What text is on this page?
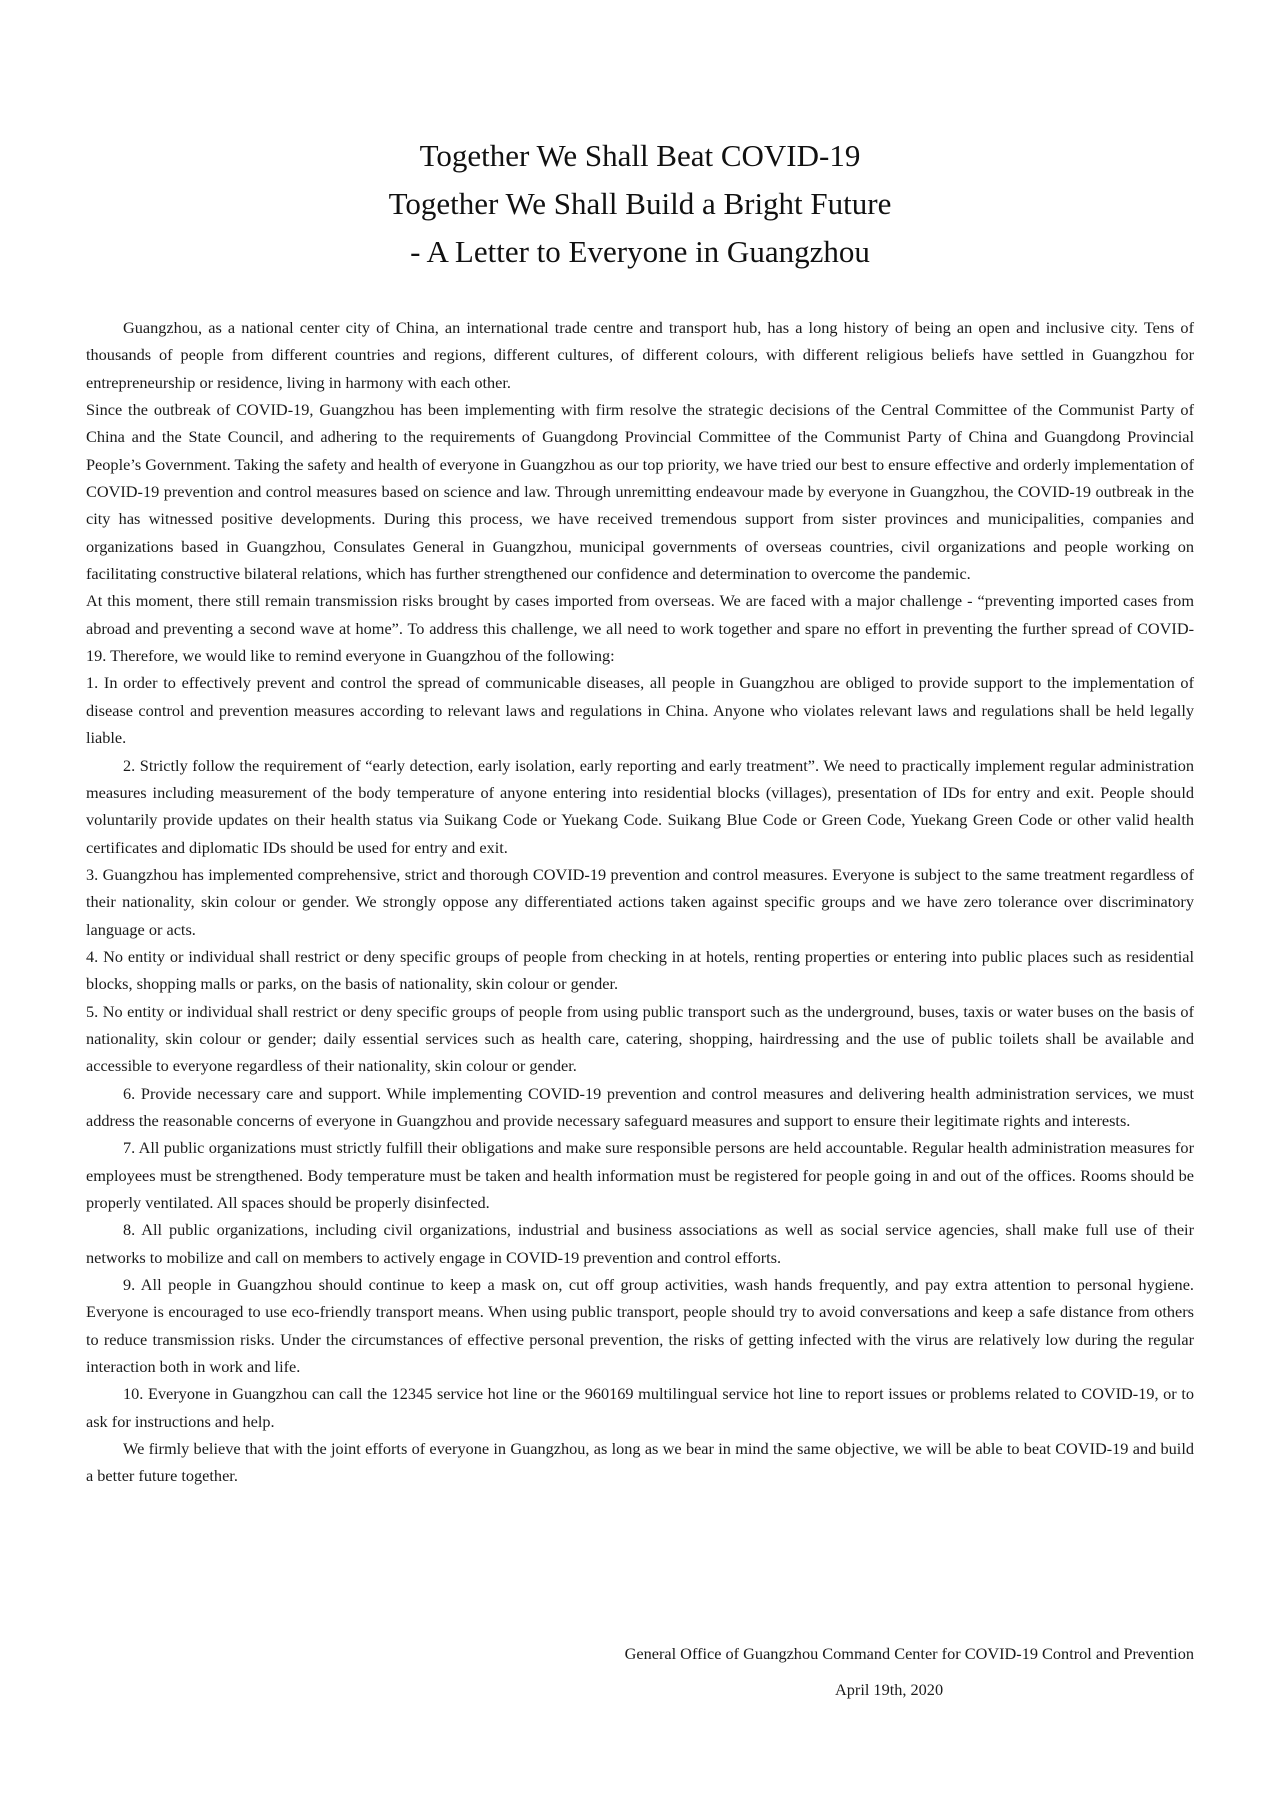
Together We Shall Beat COVID-19
Together We Shall Build a Bright Future
- A Letter to Everyone in Guangzhou

Guangzhou, as a national center city of China, an international trade centre and transport hub, has a long history of being an open and inclusive city. Tens of thousands of people from different countries and regions, different cultures, of different colours, with different religious beliefs have settled in Guangzhou for entrepreneurship or residence, living in harmony with each other.

Since the outbreak of COVID-19, Guangzhou has been implementing with firm resolve the strategic decisions of the Central Committee of the Communist Party of China and the State Council, and adhering to the requirements of Guangdong Provincial Committee of the Communist Party of China and Guangdong Provincial People’s Government. Taking the safety and health of everyone in Guangzhou as our top priority, we have tried our best to ensure effective and orderly implementation of COVID-19 prevention and control measures based on science and law. Through unremitting endeavour made by everyone in Guangzhou, the COVID-19 outbreak in the city has witnessed positive developments. During this process, we have received tremendous support from sister provinces and municipalities, companies and organizations based in Guangzhou, Consulates General in Guangzhou, municipal governments of overseas countries, civil organizations and people working on facilitating constructive bilateral relations, which has further strengthened our confidence and determination to overcome the pandemic.

At this moment, there still remain transmission risks brought by cases imported from overseas. We are faced with a major challenge - “preventing imported cases from abroad and preventing a second wave at home”. To address this challenge, we all need to work together and spare no effort in preventing the further spread of COVID-19. Therefore, we would like to remind everyone in Guangzhou of the following:

1. In order to effectively prevent and control the spread of communicable diseases, all people in Guangzhou are obliged to provide support to the implementation of disease control and prevention measures according to relevant laws and regulations in China. Anyone who violates relevant laws and regulations shall be held legally liable.

2. Strictly follow the requirement of “early detection, early isolation, early reporting and early treatment”. We need to practically implement regular administration measures including measurement of the body temperature of anyone entering into residential blocks (villages), presentation of IDs for entry and exit. People should voluntarily provide updates on their health status via Suikang Code or Yuekang Code. Suikang Blue Code or Green Code, Yuekang Green Code or other valid health certificates and diplomatic IDs should be used for entry and exit.

3. Guangzhou has implemented comprehensive, strict and thorough COVID-19 prevention and control measures. Everyone is subject to the same treatment regardless of their nationality, skin colour or gender. We strongly oppose any differentiated actions taken against specific groups and we have zero tolerance over discriminatory language or acts.

4. No entity or individual shall restrict or deny specific groups of people from checking in at hotels, renting properties or entering into public places such as residential blocks, shopping malls or parks, on the basis of nationality, skin colour or gender.

5. No entity or individual shall restrict or deny specific groups of people from using public transport such as the underground, buses, taxis or water buses on the basis of nationality, skin colour or gender; daily essential services such as health care, catering, shopping, hairdressing and the use of public toilets shall be available and accessible to everyone regardless of their nationality, skin colour or gender.

6. Provide necessary care and support. While implementing COVID-19 prevention and control measures and delivering health administration services, we must address the reasonable concerns of everyone in Guangzhou and provide necessary safeguard measures and support to ensure their legitimate rights and interests.

7. All public organizations must strictly fulfill their obligations and make sure responsible persons are held accountable. Regular health administration measures for employees must be strengthened. Body temperature must be taken and health information must be registered for people going in and out of the offices. Rooms should be properly ventilated. All spaces should be properly disinfected.

8. All public organizations, including civil organizations, industrial and business associations as well as social service agencies, shall make full use of their networks to mobilize and call on members to actively engage in COVID-19 prevention and control efforts.

9. All people in Guangzhou should continue to keep a mask on, cut off group activities, wash hands frequently, and pay extra attention to personal hygiene. Everyone is encouraged to use eco-friendly transport means. When using public transport, people should try to avoid conversations and keep a safe distance from others to reduce transmission risks. Under the circumstances of effective personal prevention, the risks of getting infected with the virus are relatively low during the regular interaction both in work and life.

10. Everyone in Guangzhou can call the 12345 service hot line or the 960169 multilingual service hot line to report issues or problems related to COVID-19, or to ask for instructions and help.

We firmly believe that with the joint efforts of everyone in Guangzhou, as long as we bear in mind the same objective, we will be able to beat COVID-19 and build a better future together.

General Office of Guangzhou Command Center for COVID-19 Control and Prevention
April 19th, 2020
